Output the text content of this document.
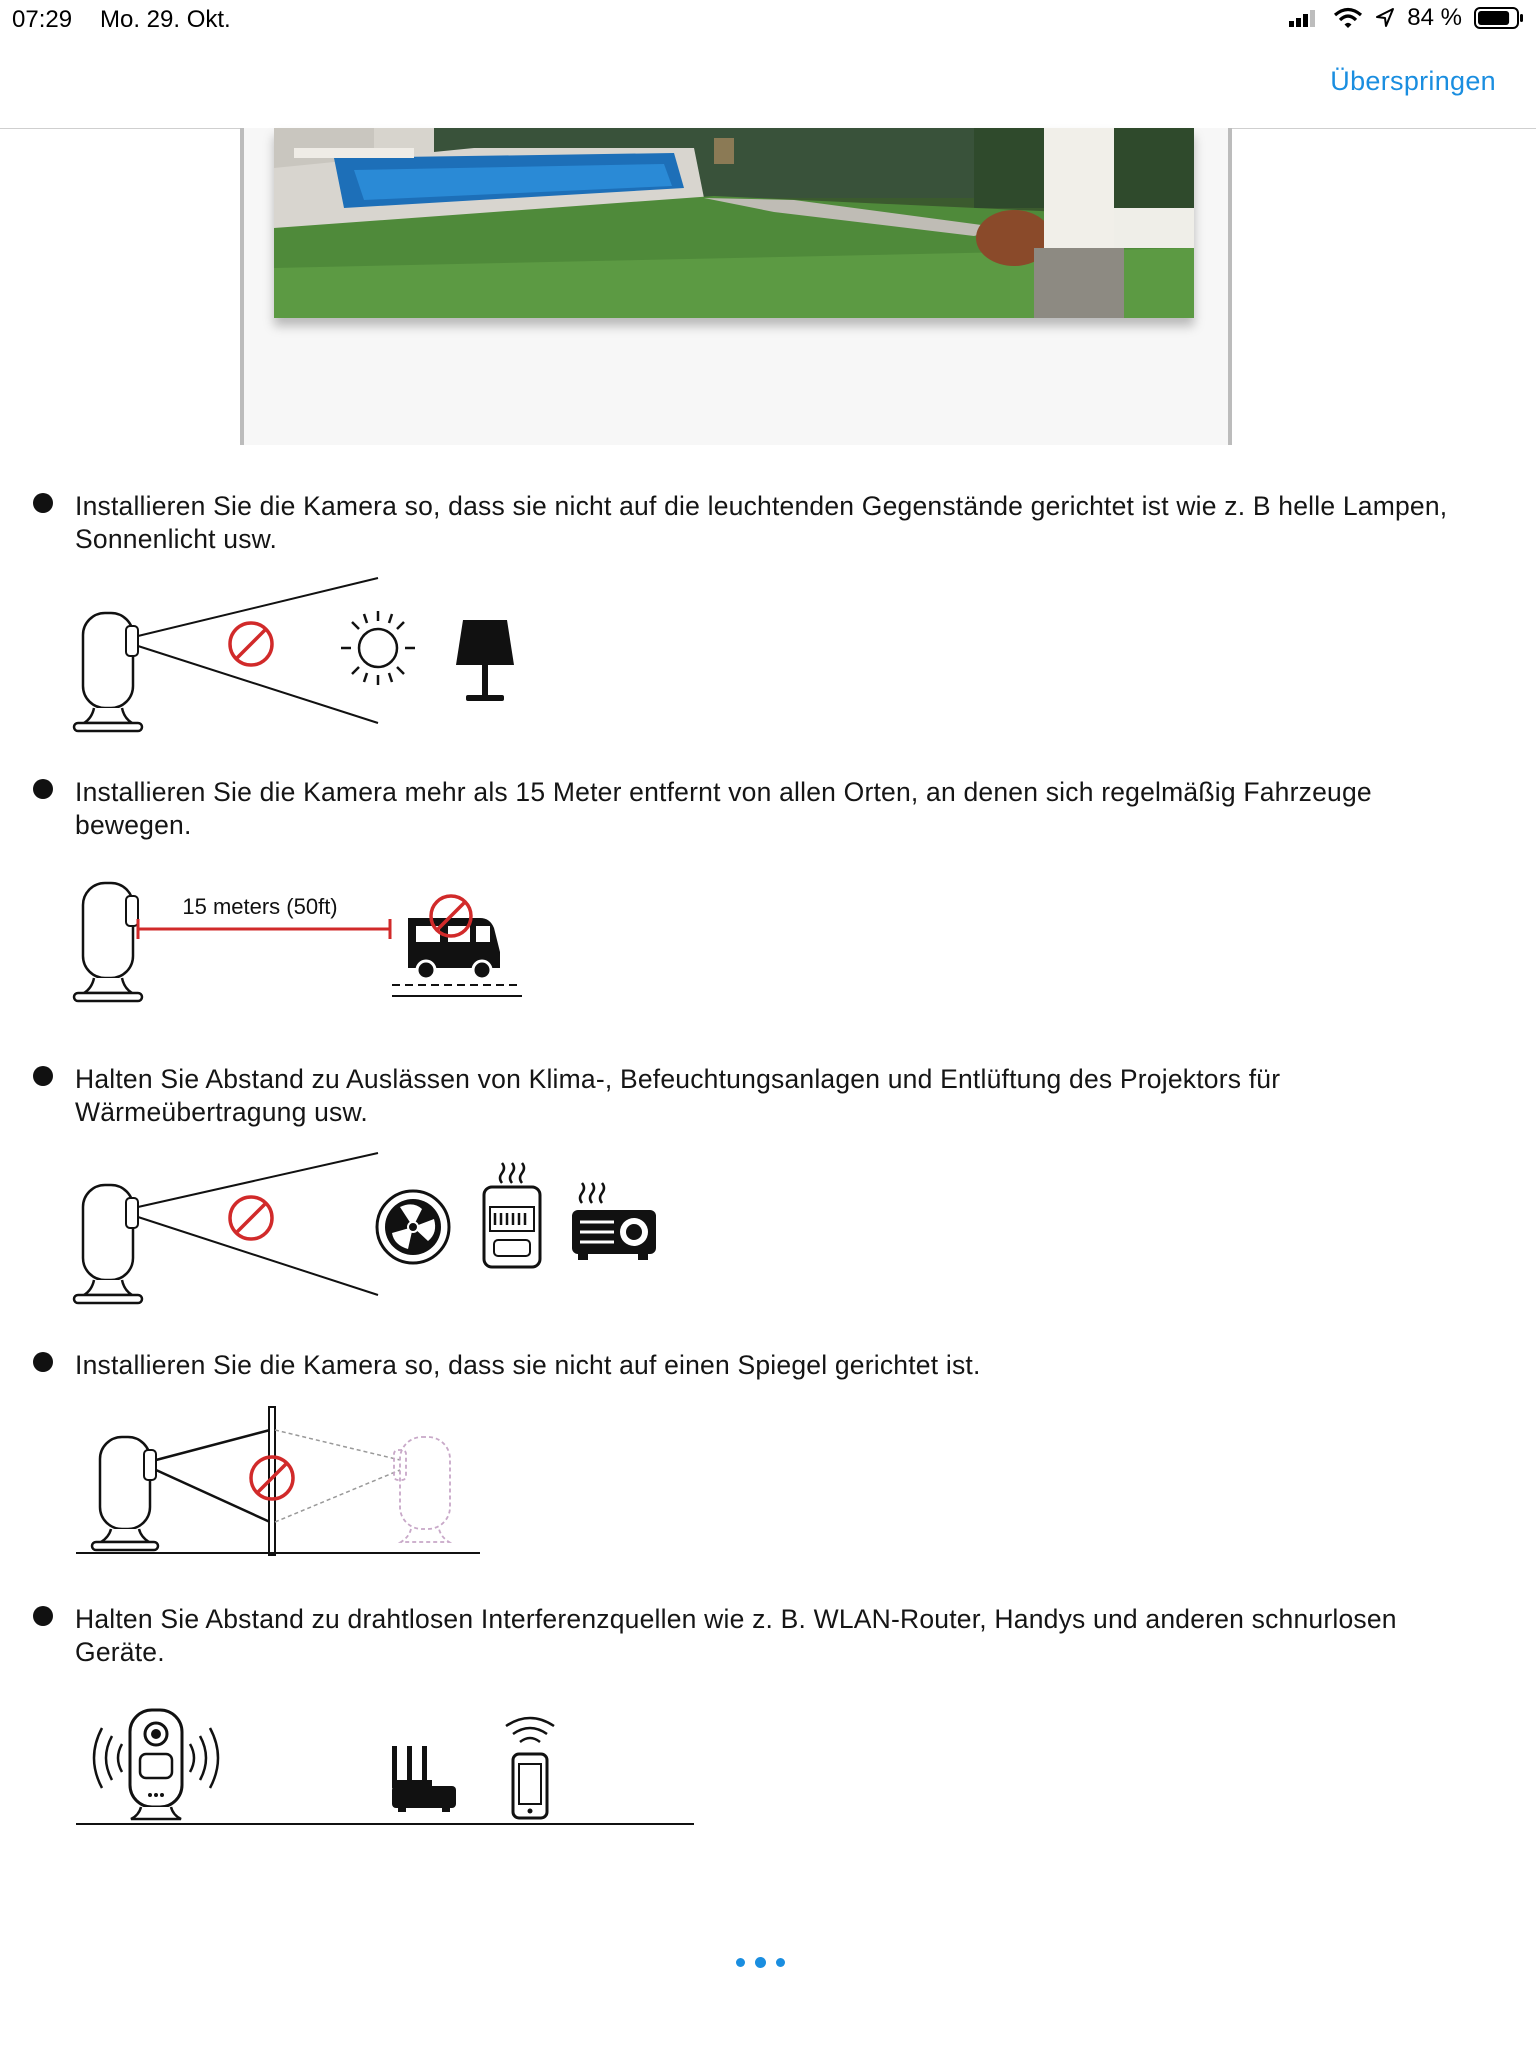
07:29 Mo. 29. Okt.	84 %
Überspringen
Installieren Sie die Kamera so, dass sie nicht auf die leuchtenden Gegenstände gerichtet ist wie z. B helle Lampen, Sonnenlicht usw.
Installieren Sie die Kamera mehr als 15 Meter entfernt von allen Orten, an denen sich regelmäßig Fahrzeuge bewegen.
15 meters (50ft)
Halten Sie Abstand zu Auslässen von Klima-, Befeuchtungsanlagen und Entlüftung des Projektors für Wärmeübertragung usw.
Installieren Sie die Kamera so, dass sie nicht auf einen Spiegel gerichtet ist.
Halten Sie Abstand zu drahtlosen Interferenzquellen wie z. B. WLAN-Router, Handys und anderen schnurlosen Geräte.
